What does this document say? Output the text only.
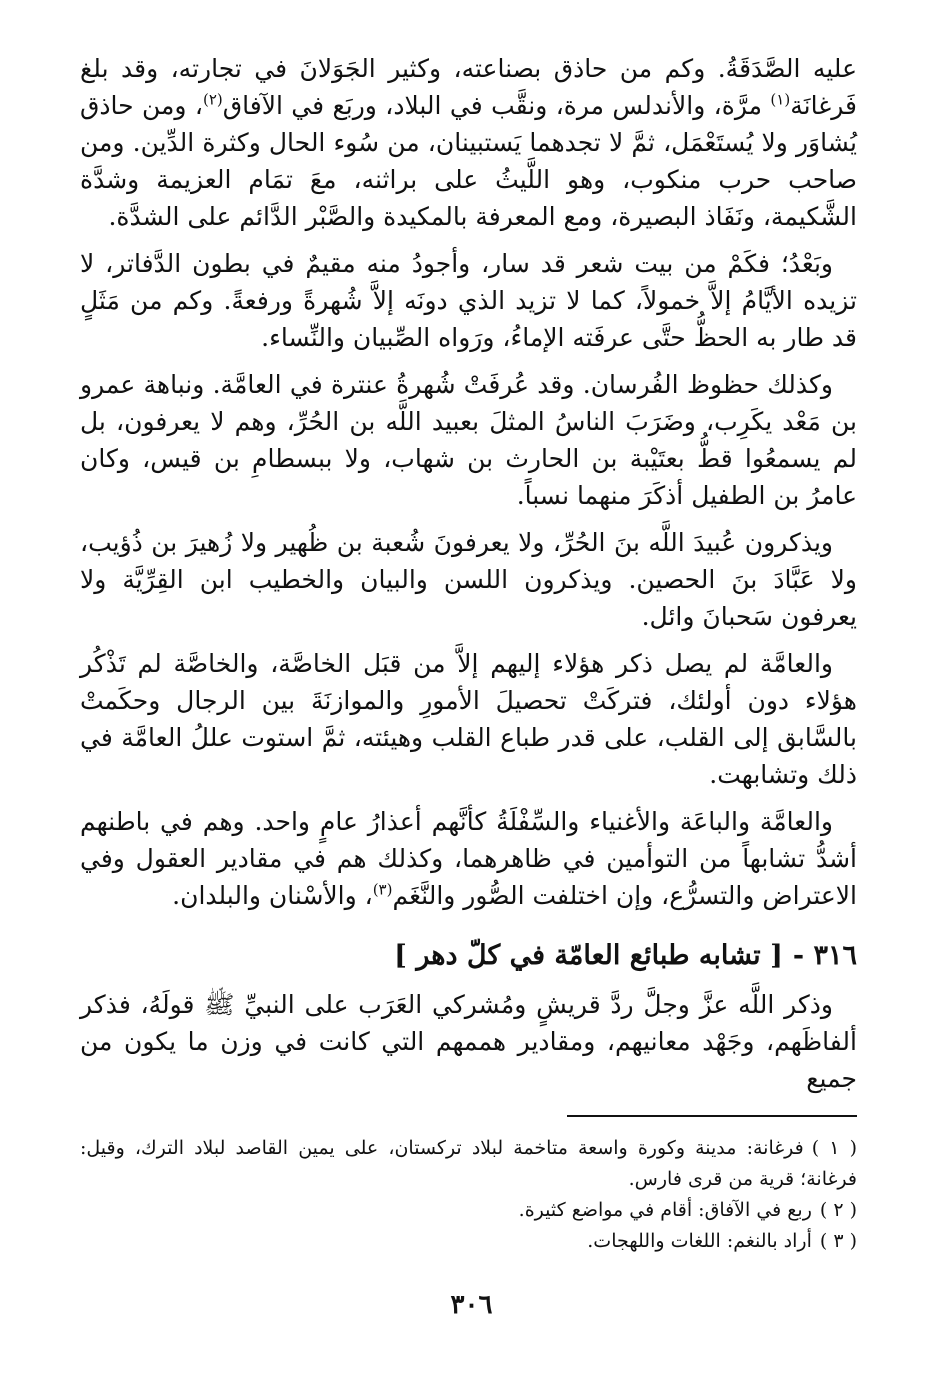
عليه الصَّدَقَةُ. وكم من حاذق بصناعته، وكثير الجَوَلانَ في تجارته، وقد بلغ فَرغانَة$^{(١)}$ مرَّة، والأندلس مرة، ونقَّب في البلاد، وربَع في الآفاق$^{(٢)}$، ومن حاذق يُشاوَر ولا يُستَعْمَل، ثمَّ لا تجدهما يَستبينان، من سُوء الحال وكثرة الدِّين. ومن صاحب حرب منكوب، وهو اللَّيثُ على براثنه، معَ تمَام العزيمة وشدَّة الشَّكيمة، ونَفَاذ البصيرة، ومع المعرفة بالمكيدة والصَّبْر الدَّائم على الشدَّة.

وبَعْدُ؛ فكَمْ من بيت شعر قد سار، وأجودُ منه مقيمٌ في بطون الدَّفاتر، لا تزيده الأيَّامُ إلاَّ خمولاً، كما لا تزيد الذي دونَه إلاَّ شُهرةً ورفعةً. وكم من مَثَلٍ قد طار به الحظُّ حتَّى عرفَته الإماءُ، ورَواه الصِّبيان والنِّساء.

وكذلك حظوظ الفُرسان. وقد عُرفَتْ شُهرةُ عنترة في العامَّة. ونباهة عمرو بن مَعْد يكَرِب، وضَرَبَ الناسُ المثلَ بعبيد اللَّه بن الحُرِّ، وهم لا يعرفون، بل لم يسمعُوا قطُّ بعتَيْبة بن الحارث بن شهاب، ولا ببسطامِ بن قيس، وكان عامرُ بن الطفيل أذكَرَ منهما نسباً.

ويذكرون عُبيدَ اللَّه بنَ الحُرِّ، ولا يعرفونَ شُعبة بن ظُهير ولا زُهيرَ بن ذُؤيب، ولا عَبَّادَ بنَ الحصين. ويذكرون اللسن والبيان والخطيب ابن القِرِّيَّة ولا يعرفون سَحبانَ وائل.

والعامَّة لم يصل ذكر هؤلاء إليهم إلاَّ من قبَل الخاصَّة، والخاصَّة لم تَذْكُر هؤلاء دون أولئك، فتركَتْ تحصيلَ الأمورِ والموازنَةَ بين الرجال وحكَمتْ بالسَّابق إلى القلب، على قدر طباع القلب وهيئته، ثمَّ استوت عللُ العامَّة في ذلك وتشابهت.

والعامَّة والباعَة والأغنياء والسِّفْلَةُ كأنَّهم أعذارُ عامٍ واحد. وهم في باطنهم أشدُّ تشابهاً من التوأمين في ظاهرهما، وكذلك هم في مقادير العقول وفي الاعتراض والتسرُّع، وإن اختلفت الصُّور والنَّغَم$^{(٣)}$، والأسْنان والبلدان.

٣١٦ -[ تشابه طبائع العامّة في كلّ دهر ]

وذكر اللَّه عزَّ وجلَّ ردَّ قريشٍ ومُشركي العَرَب على النبيِّ ﷺ قولَهُ، فذكر ألفاظَهم، وجَهْد معانيهم، ومقادير هممهم التي كانت في وزن ما يكون من جميع

( ١ )فرغانة: مدينة وكورة واسعة متاخمة لبلاد تركستان، على يمين القاصد لبلاد الترك، وقيل: فرغانة؛ قرية من قرى فارس.

( ٢ )ربع في الآفاق: أقام في مواضع كثيرة.

( ٣ )أراد بالنغم: اللغات واللهجات.

٣٠٦
